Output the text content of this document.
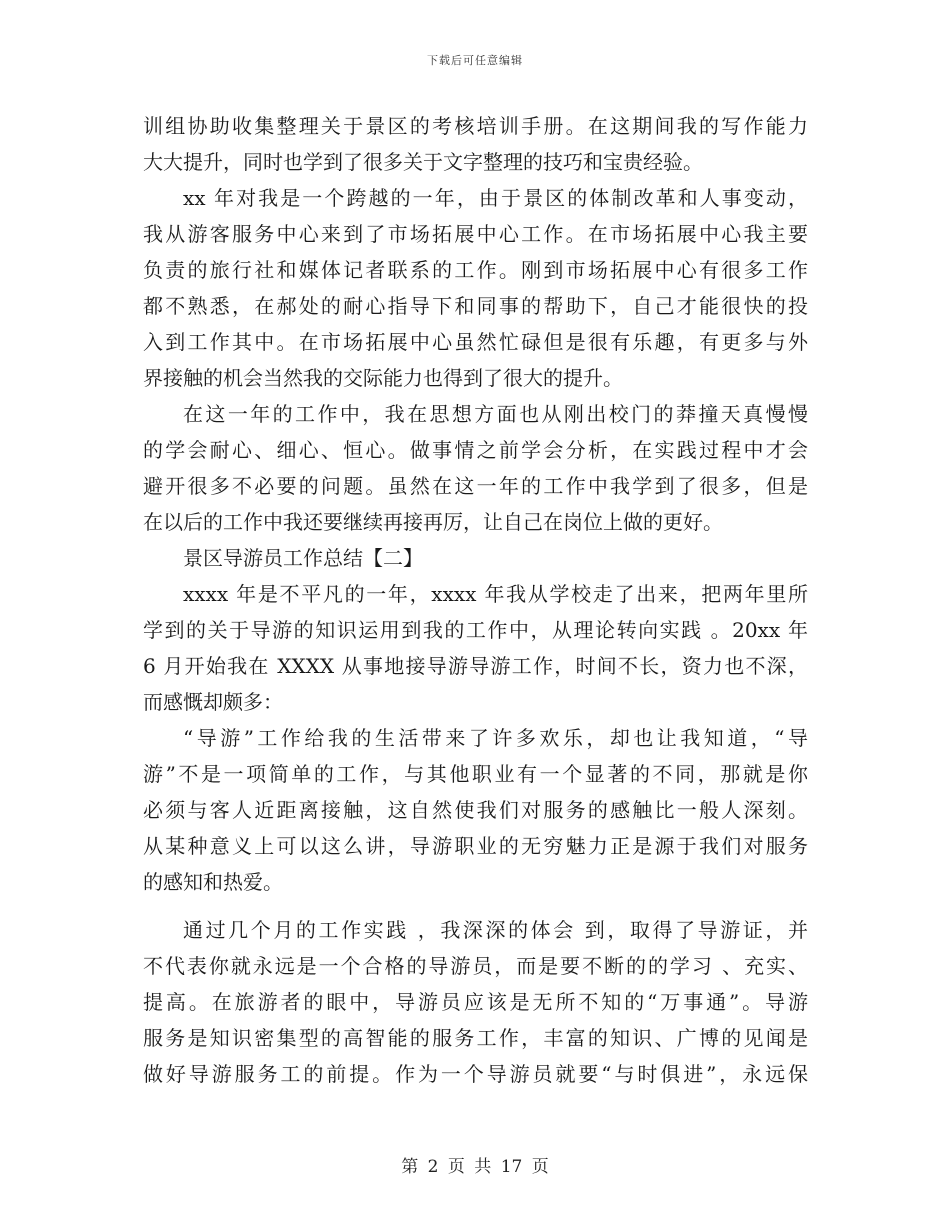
下载后可任意编辑
训组协助收集整理关于景区的考核培训手册。在这期间我的写作能力
大大提升，同时也学到了很多关于文字整理的技巧和宝贵经验。
xx 年对我是一个跨越的一年，由于景区的体制改革和人事变动，
我从游客服务中心来到了市场拓展中心工作。在市场拓展中心我主要
负责的旅行社和媒体记者联系的工作。刚到市场拓展中心有很多工作
都不熟悉，在郝处的耐心指导下和同事的帮助下，自己才能很快的投
入到工作其中。在市场拓展中心虽然忙碌但是很有乐趣，有更多与外
界接触的机会当然我的交际能力也得到了很大的提升。
在这一年的工作中，我在思想方面也从刚出校门的莽撞天真慢慢
的学会耐心、细心、恒心。做事情之前学会分析，在实践过程中才会
避开很多不必要的问题。虽然在这一年的工作中我学到了很多，但是
在以后的工作中我还要继续再接再厉，让自己在岗位上做的更好。
景区导游员工作总结【二】
xxxx 年是不平凡的一年，xxxx 年我从学校走了出来，把两年里所
学到的关于导游的知识运用到我的工作中，从理论转向实践 。20xx 年
6 月开始我在 XXXX 从事地接导游导游工作，时间不长，资力也不深，
而感慨却颇多：
“导游”工作给我的生活带来了许多欢乐，却也让我知道，“导
游”不是一项简单的工作，与其他职业有一个显著的不同，那就是你
必须与客人近距离接触，这自然使我们对服务的感触比一般人深刻。
从某种意义上可以这么讲，导游职业的无穷魅力正是源于我们对服务
的感知和热爱。
通过几个月的工作实践 ，我深深的体会 到，取得了导游证，并
不代表你就永远是一个合格的导游员，而是要不断的的学习 、充实、
提高。在旅游者的眼中，导游员应该是无所不知的“万事通”。导游
服务是知识密集型的高智能的服务工作，丰富的知识、广博的见闻是
做好导游服务工的前提。作为一个导游员就要“与时俱进”，永远保
第 2 页 共 17 页
